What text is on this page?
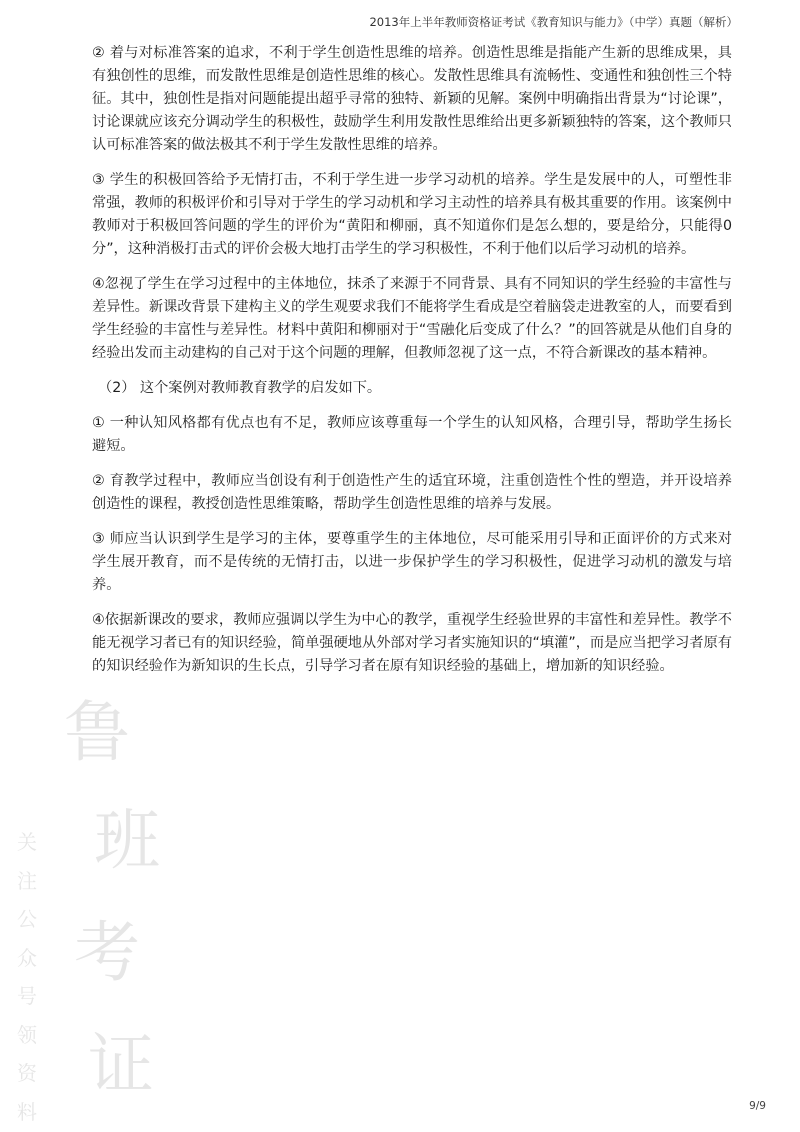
2013年上半年教师资格证考试《教育知识与能力》（中学）真题（解析）

② 着与对标准答案的追求，不利于学生创造性思维的培养。创造性思维是指能产生新的思维成果，具有独创性的思维，而发散性思维是创造性思维的核心。发散性思维具有流畅性、变通性和独创性三个特征。其中，独创性是指对问题能提出超乎寻常的独特、新颖的见解。案例中明确指出背景为“讨论课”，讨论课就应该充分调动学生的积极性，鼓励学生利用发散性思维给出更多新颖独特的答案，这个教师只认可标准答案的做法极其不利于学生发散性思维的培养。

③ 学生的积极回答给予无情打击，不利于学生进一步学习动机的培养。学生是发展中的人，可塑性非常强，教师的积极评价和引导对于学生的学习动机和学习主动性的培养具有极其重要的作用。该案例中教师对于积极回答问题的学生的评价为“黄阳和柳丽，真不知道你们是怎么想的，要是给分，只能得0分”，这种消极打击式的评价会极大地打击学生的学习积极性，不利于他们以后学习动机的培养。

④忽视了学生在学习过程中的主体地位，抹杀了来源于不同背景、具有不同知识的学生经验的丰富性与差异性。新课改背景下建构主义的学生观要求我们不能将学生看成是空着脑袋走进教室的人，而要看到学生经验的丰富性与差异性。材料中黄阳和柳丽对于“雪融化后变成了什么？”的回答就是从他们自身的经验出发而主动建构的自己对于这个问题的理解，但教师忽视了这一点，不符合新课改的基本精神。

（2） 这个案例对教师教育教学的启发如下。

① 一种认知风格都有优点也有不足，教师应该尊重每一个学生的认知风格，合理引导，帮助学生扬长避短。

② 育教学过程中，教师应当创设有利于创造性产生的适宜环境，注重创造性个性的塑造，并开设培养创造性的课程，教授创造性思维策略，帮助学生创造性思维的培养与发展。

③ 师应当认识到学生是学习的主体，要尊重学生的主体地位，尽可能采用引导和正面评价的方式来对学生展开教育，而不是传统的无情打击，以进一步保护学生的学习积极性，促进学习动机的激发与培养。

④依据新课改的要求，教师应强调以学生为中心的教学，重视学生经验世界的丰富性和差异性。教学不能无视学习者已有的知识经验，简单强硬地从外部对学习者实施知识的“填灌”，而是应当把学习者原有的知识经验作为新知识的生长点，引导学习者在原有知识经验的基础上，增加新的知识经验。

鲁
班
考
证
关
注
公
众
号
领
资
料	9/9
